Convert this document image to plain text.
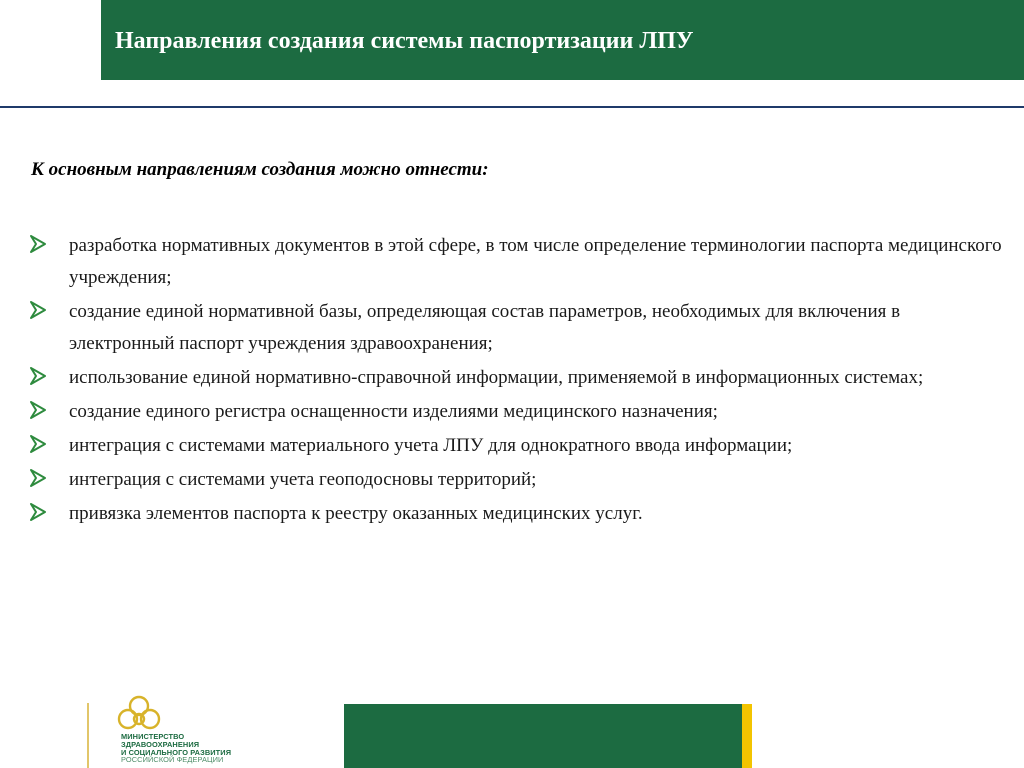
Направления создания системы паспортизации ЛПУ

К основным направлениям создания можно отнести:

разработка нормативных документов в этой сфере, в том числе определение терминологии паспорта медицинского учреждения;
создание единой нормативной базы, определяющая состав параметров, необходимых для включения в электронный паспорт учреждения здравоохранения;
использование единой нормативно-справочной информации, применяемой в информационных системах;
создание единого регистра оснащенности изделиями медицинского назначения;
интеграция с системами материального учета ЛПУ для однократного ввода информации;
интеграция с системами учета геоподосновы территорий;
привязка элементов паспорта к реестру оказанных медицинских услуг.
МИНИСТЕРСТВО
ЗДРАВООХРАНЕНИЯ
И СОЦИАЛЬНОГО РАЗВИТИЯ
РОССИЙСКОЙ ФЕДЕРАЦИИ
